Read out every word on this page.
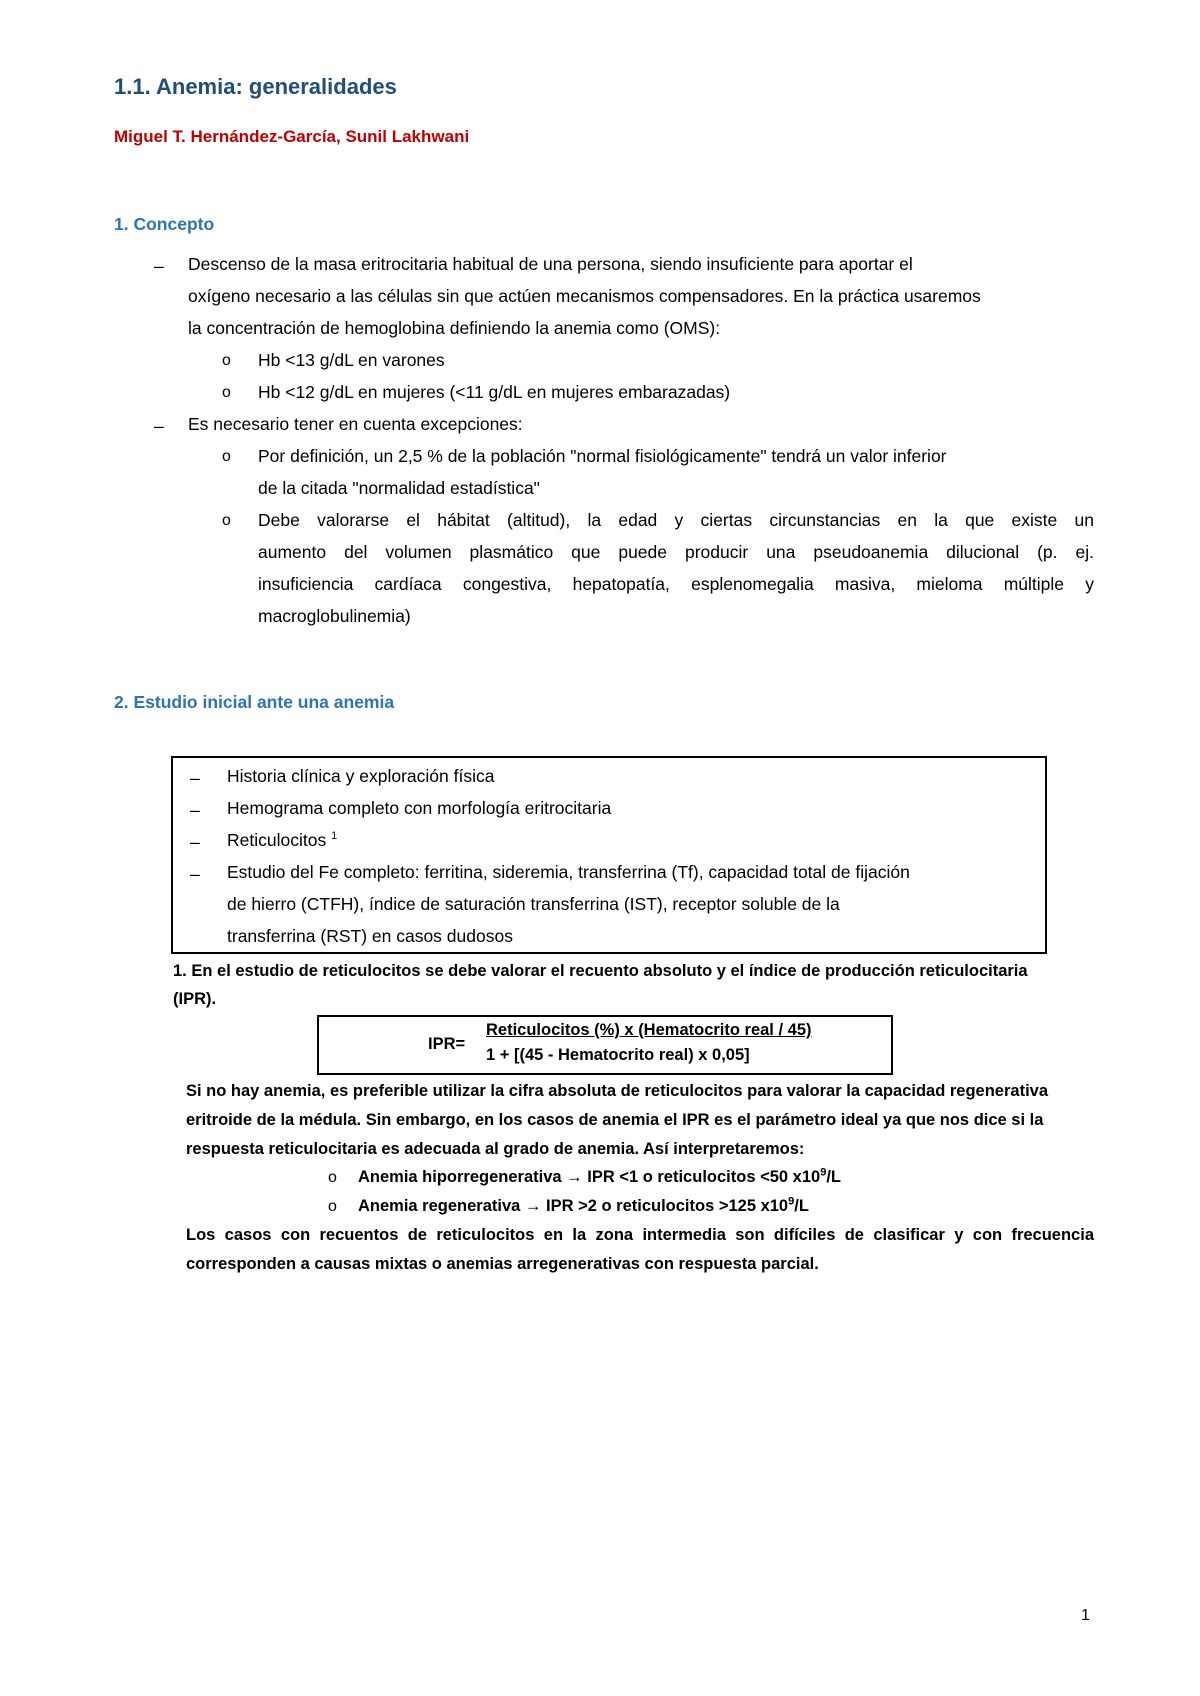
1.1. Anemia: generalidades
Miguel T. Hernández-García, Sunil Lakhwani
1. Concepto
– Descenso de la masa eritrocitaria habitual de una persona, siendo insuficiente para aportar el
oxígeno necesario a las células sin que actúen mecanismos compensadores. En la práctica usaremos
la concentración de hemoglobina definiendo la anemia como (OMS):
o Hb <13 g/dL en varones
o Hb <12 g/dL en mujeres (<11 g/dL en mujeres embarazadas)
– Es necesario tener en cuenta excepciones:
o Por definición, un 2,5 % de la población "normal fisiológicamente" tendrá un valor inferior
de la citada "normalidad estadística"
o Debe valorarse el hábitat (altitud), la edad y ciertas circunstancias en la que existe un
aumento del volumen plasmático que puede producir una pseudoanemia dilucional (p. ej.
insuficiencia cardíaca congestiva, hepatopatía, esplenomegalia masiva, mieloma múltiple y
macroglobulinemia)
2. Estudio inicial ante una anemia
– Historia clínica y exploración física
– Hemograma completo con morfología eritrocitaria
– Reticulocitos $^1$
– Estudio del Fe completo: ferritina, sideremia, transferrina (Tf), capacidad total de fijación
de hierro (CTFH), índice de saturación transferrina (IST), receptor soluble de la
transferrina (RST) en casos dudosos
1. En el estudio de reticulocitos se debe valorar el recuento absoluto y el índice de producción reticulocitaria
(IPR).
IPR=
Reticulocitos (%) x (Hematocrito real / 45)
1 + [(45 - Hematocrito real) x 0,05]
Si no hay anemia, es preferible utilizar la cifra absoluta de reticulocitos para valorar la capacidad regenerativa
eritroide de la médula. Sin embargo, en los casos de anemia el IPR es el parámetro ideal ya que nos dice si la
respuesta reticulocitaria es adecuada al grado de anemia. Así interpretaremos:
o Anemia hiporregenerativa → IPR <1 o reticulocitos <50 $x10^9/L$
o Anemia regenerativa → IPR >2 o reticulocitos >125 $x10^9/L$
Los casos con recuentos de reticulocitos en la zona intermedia son difíciles de clasificar y con frecuencia
corresponden a causas mixtas o anemias arregenerativas con respuesta parcial.
1
